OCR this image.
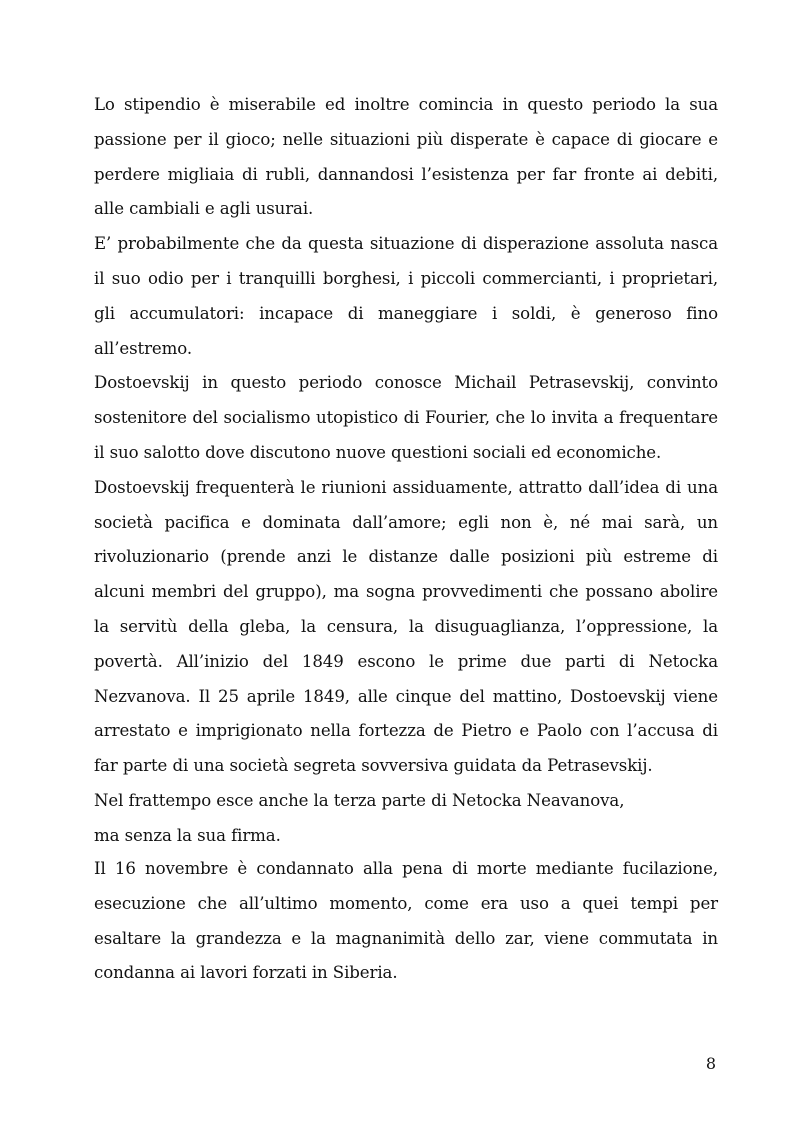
Lo stipendio è miserabile ed inoltre comincia in questo periodo la sua passione per il gioco; nelle situazioni più disperate è capace di giocare e perdere migliaia di rubli, dannandosi l’esistenza per far fronte ai debiti, alle cambiali e agli usurai.

E’ probabilmente che da questa situazione di disperazione assoluta nasca il suo odio per i tranquilli borghesi, i piccoli commercianti, i proprietari, gli accumulatori: incapace di maneggiare i soldi, è generoso fino all’estremo.

Dostoevskij in questo periodo conosce Michail Petrasevskij, convinto sostenitore del socialismo utopistico di Fourier, che lo invita a frequentare il suo salotto dove discutono nuove questioni sociali ed economiche.

Dostoevskij frequenterà le riunioni assiduamente, attratto dall’idea di una società pacifica e dominata dall’amore; egli non è, né mai sarà, un rivoluzionario (prende anzi le distanze dalle posizioni più estreme di alcuni membri del gruppo), ma sogna provvedimenti che possano abolire la servitù della gleba, la censura, la disuguaglianza, l’oppressione, la povertà. All’inizio del 1849 escono le prime due parti di Netocka Nezvanova. Il 25 aprile 1849, alle cinque del mattino, Dostoevskij viene arrestato e imprigionato nella fortezza de Pietro e Paolo con l’accusa di far parte di una società segreta sovversiva guidata da Petrasevskij.

Nel frattempo esce anche la terza parte di Netocka Neavanova,
ma senza la sua firma.

Il 16 novembre è condannato alla pena di morte mediante fucilazione, esecuzione che all’ultimo momento, come era uso a quei tempi per esaltare la grandezza e la magnanimità dello zar, viene commutata in condanna ai lavori forzati in Siberia.

8
